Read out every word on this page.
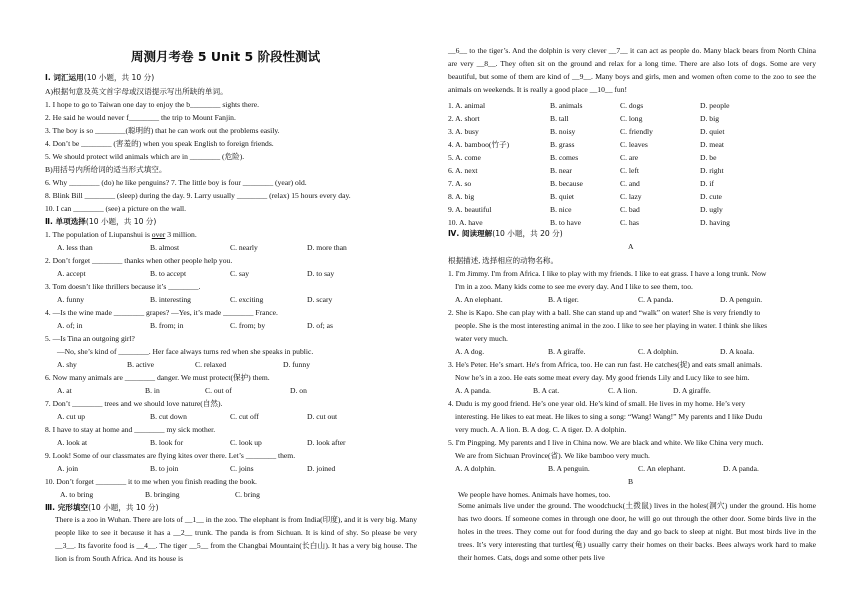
周测月考卷 5 Unit 5 阶段性测试
Ⅰ. 词汇运用(10 小题，共 10 分)
A)根据句意及英文首字母或汉语提示写出所缺的单词。
1. I hope to go to Taiwan one day to enjoy the b________ sights there.
2. He said he would never f________ the trip to Mount Fanjin.
3. The boy is so ________(聪明的) that he can work out the problems easily.
4. Don’t be ________ (害羞的) when you speak English to foreign friends.
5. We should protect wild animals which are in ________ (危险).
B)用括号内所给词的适当形式填空。
6. Why ________ (do) he like penguins? 7. The little boy is four ________ (year) old.
8. Blink Bill ________ (sleep) during the day. 9. Larry usually ________ (relax) 15 hours every day.
10. I can ________ (see) a picture on the wall.
Ⅱ. 单项选择(10 小题，共 10 分)
1. The population of Liupanshui is over 3 million.
A. less than	B. almost	C. nearly	D. more than
2. Don’t forget ________ thanks when other people help you.
A. accept	B. to accept	C. say	D. to say
3. Tom doesn’t like thrillers because it’s ________.
A. funny	B. interesting	C. exciting	D. scary
4. —Is the wine made ________ grapes? —Yes, it’s made ________ France.
A. of; in	B. from; in	C. from; by	D. of; as
5. —Is Tina an outgoing girl?
—No, she’s kind of ________. Her face always turns red when she speaks in public.
A. shy	B. active	C. relaxed	D. funny
6. Now many animals are ________ danger. We must protect(保护) them.
A. at	B. in	C. out of	D. on
7. Don’t ________ trees and we should love nature(自然).
A. cut up	B. cut down	C. cut off	D. cut out
8. I have to stay at home and ________ my sick mother.
A. look at	B. look for	C. look up	D. look after
9. Look! Some of our classmates are flying kites over there. Let’s ________ them.
A. join	B. to join	C. joins	D. joined
10. Don’t forget ________ it to me when you finish reading the book.
A. to bring	B. bringing	C. bring
Ⅲ. 完形填空(10 小题，共 10 分)
There is a zoo in Wuhan. There are lots of __1__ in the zoo. The elephant is from India(印度), and it is very big. Many people like to see it because it has a __2__ trunk. The panda is from Sichuan. It is kind of shy. So please be very __3__. Its favorite food is __4__. The tiger __5__ from the Changbai Mountain(长白山). It has a very big house. The lion is from South Africa. And its house is
__6__ to the tiger’s. And the dolphin is very clever __7__ it can act as people do. Many black bears from North China are very __8__. They often sit on the ground and relax for a long time. There are also lots of dogs. Some are very beautiful, but some of them are kind of __9__. Many boys and girls, men and women often come to the zoo to see the animals on weekends. It is really a good place __10__ fun!
1. A. animal	B. animals	C. dogs	D. people
2. A. short	B. tall	C. long	D. big
3. A. busy	B. noisy	C. friendly	D. quiet
4. A. bamboo(竹子)	B. grass	C. leaves	D. meat
5. A. come	B. comes	C. are	D. be
6. A. next	B. near	C. left	D. right
7. A. so	B. because	C. and	D. if
8. A. big	B. quiet	C. lazy	D. cute
9. A. beautiful	B. nice	C. bad	D. ugly
10. A. have	B. to have	C. has	D. having
Ⅳ. 阅读理解(10 小题，共 20 分)
A
根据描述, 选择相应的动物名称。
1. I'm Jimmy. I'm from Africa. I like to play with my friends. I like to eat grass. I have a long trunk. Now
I'm in a zoo. Many kids come to see me every day. And I like to see them, too.
A. An elephant.	B. A tiger.	C. A panda.	D. A penguin.
2. She is Kapo. She can play with a ball. She can stand up and “walk” on water! She is very friendly to
people. She is the most interesting animal in the zoo. I like to see her playing in water. I think she likes
water very much.
A. A dog.	B. A giraffe.	C. A dolphin.	D. A koala.
3. He's Peter. He’s smart. He's from Africa, too. He can run fast. He catches(捉) and eats small animals.
Now he’s in a zoo. He eats some meat every day. My good friends Lily and Lucy like to see him.
A. A panda.	B. A cat.	C. A lion.	D. A giraffe.
4. Dudu is my good friend. He’s one year old. He’s kind of small. He lives in my home. He’s very
interesting. He likes to eat meat. He likes to sing a song: “Wang! Wang!” My parents and I like Dudu
very much. A. A lion. B. A dog. C. A tiger. D. A dolphin.
5. I'm Pingping. My parents and I live in China now. We are black and white. We like China very much.
We are from Sichuan Province(省). We like bamboo very much.
A. A dolphin.	B. A penguin.	C. An elephant.	D. A panda.
B
We people have homes. Animals have homes, too.
Some animals live under the ground. The woodchuck(土拨鼠) lives in the holes(洞穴) under the ground. His home has two doors. If someone comes in through one door, he will go out through the other door. Some birds live in the holes in the trees. They come out for food during the day and go back to sleep at night. But most birds live in the trees. It’s very interesting that turtles(龟) usually carry their homes on their backs. Bees always work hard to make their homes. Cats, dogs and some other pets live
